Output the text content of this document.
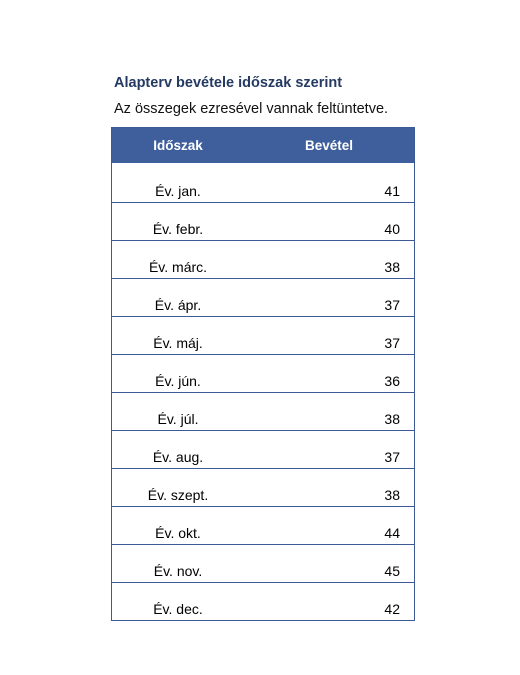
Alapterv bevétele időszak szerint
Az összegek ezresével vannak feltüntetve.
Időszak	Bevétel
Év. jan.	41
Év. febr.	40
Év. márc.	38
Év. ápr.	37
Év. máj.	37
Év. jún.	36
Év. júl.	38
Év. aug.	37
Év. szept.	38
Év. okt.	44
Év. nov.	45
Év. dec.	42
